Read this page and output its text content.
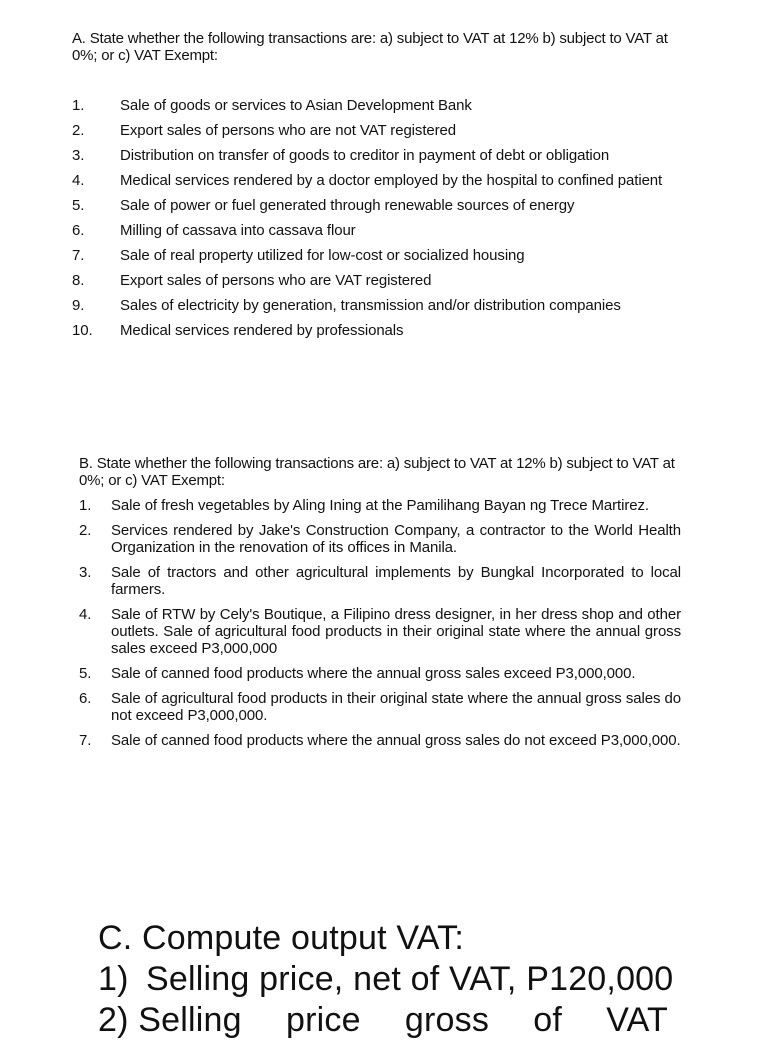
A. State whether the following transactions are: a) subject to VAT at 12% b) subject to VAT at 0%; or c) VAT Exempt:

1.	Sale of goods or services to Asian Development Bank
2.	Export sales of persons who are not VAT registered
3.	Distribution on transfer of goods to creditor in payment of debt or obligation
4.	Medical services rendered by a doctor employed by the hospital to confined patient
5.	Sale of power or fuel generated through renewable sources of energy
6.	Milling of cassava into cassava flour
7.	Sale of real property utilized for low-cost or socialized housing
8.	Export sales of persons who are VAT registered
9.	Sales of electricity by generation, transmission and/or distribution companies
10.	Medical services rendered by professionals

B. State whether the following transactions are: a) subject to VAT at 12% b) subject to VAT at 0%; or c) VAT Exempt:

1.	Sale of fresh vegetables by Aling Ining at the Pamilihang Bayan ng Trece Martirez.
2.	Services rendered by Jake's Construction Company, a contractor to the World Health Organization in the renovation of its offices in Manila.
3.	Sale of tractors and other agricultural implements by Bungkal Incorporated to local farmers.
4.	Sale of RTW by Cely's Boutique, a Filipino dress designer, in her dress shop and other outlets. Sale of agricultural food products in their original state where the annual gross sales exceed P3,000,000
5.	Sale of canned food products where the annual gross sales exceed P3,000,000.
6.	Sale of agricultural food products in their original state where the annual gross sales do not exceed P3,000,000.
7.	Sale of canned food products where the annual gross sales do not exceed P3,000,000.

C. Compute output VAT:

1) Selling price, net of VAT, P120,000

2) Selling price gross of VAT
